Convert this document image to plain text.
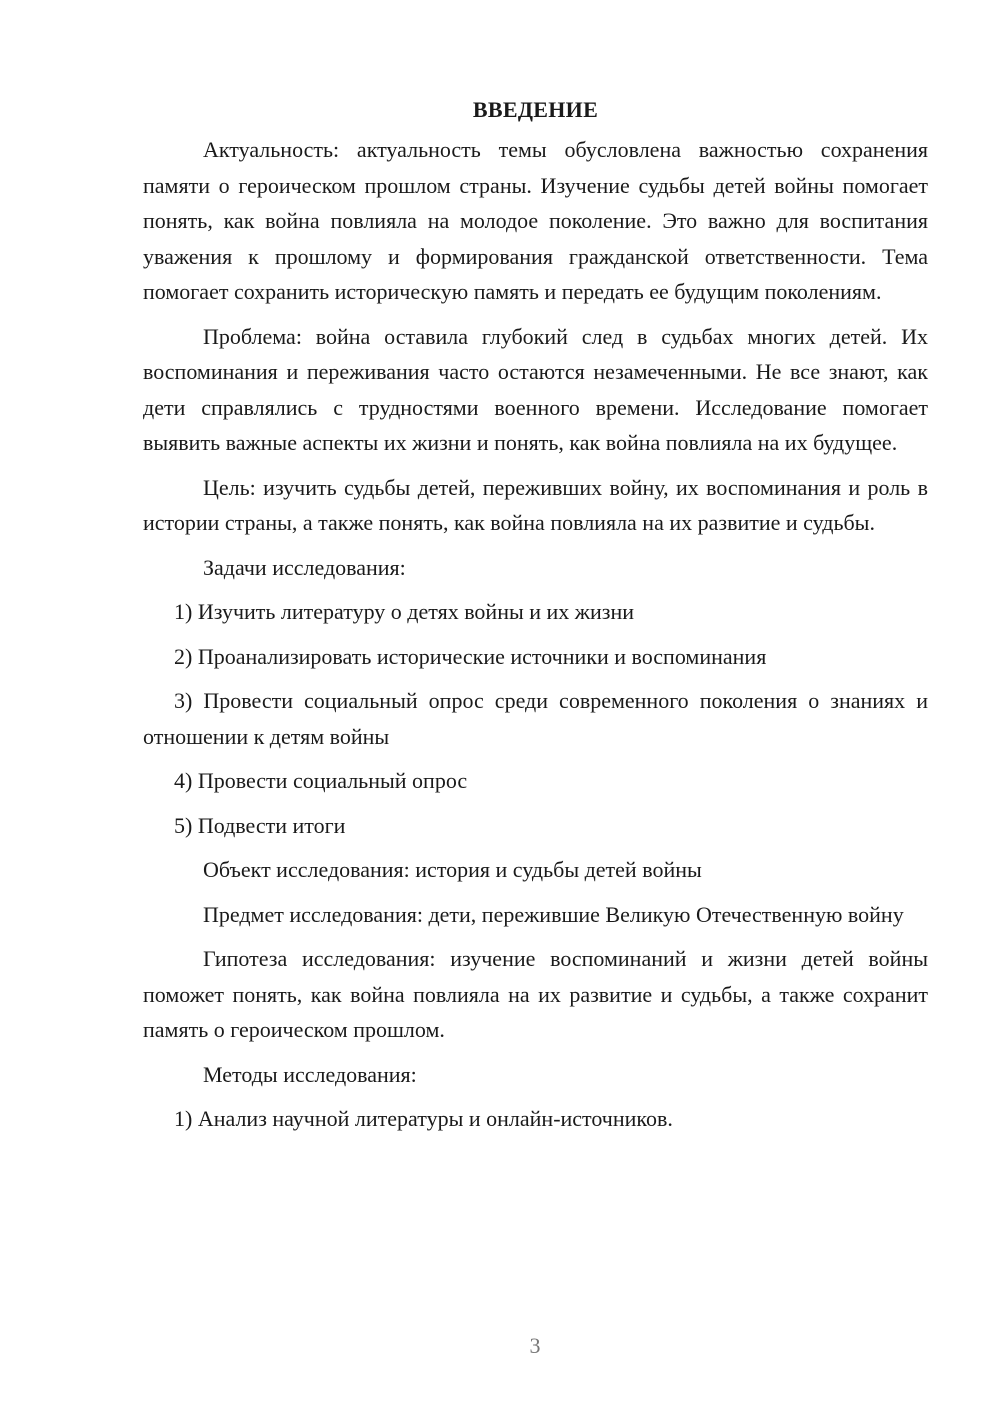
ВВЕДЕНИЕ

Актуальность: актуальность темы обусловлена важностью сохранения памяти о героическом прошлом страны. Изучение судьбы детей войны помогает понять, как война повлияла на молодое поколение. Это важно для воспитания уважения к прошлому и формирования гражданской ответственности. Тема помогает сохранить историческую память и передать ее будущим поколениям.

Проблема: война оставила глубокий след в судьбах многих детей. Их воспоминания и переживания часто остаются незамеченными. Не все знают, как дети справлялись с трудностями военного времени. Исследование помогает выявить важные аспекты их жизни и понять, как война повлияла на их будущее.

Цель: изучить судьбы детей, переживших войну, их воспоминания и роль в истории страны, а также понять, как война повлияла на их развитие и судьбы.

Задачи исследования:

1) Изучить литературу о детях войны и их жизни

2) Проанализировать исторические источники и воспоминания

3) Провести социальный опрос среди современного поколения о знаниях и отношении к детям войны

4) Провести социальный опрос

5) Подвести итоги

Объект исследования: история и судьбы детей войны

Предмет исследования: дети, пережившие Великую Отечественную войну

Гипотеза исследования: изучение воспоминаний и жизни детей войны поможет понять, как война повлияла на их развитие и судьбы, а также сохранит память о героическом прошлом.

Методы исследования:

1) Анализ научной литературы и онлайн-источников.

3
